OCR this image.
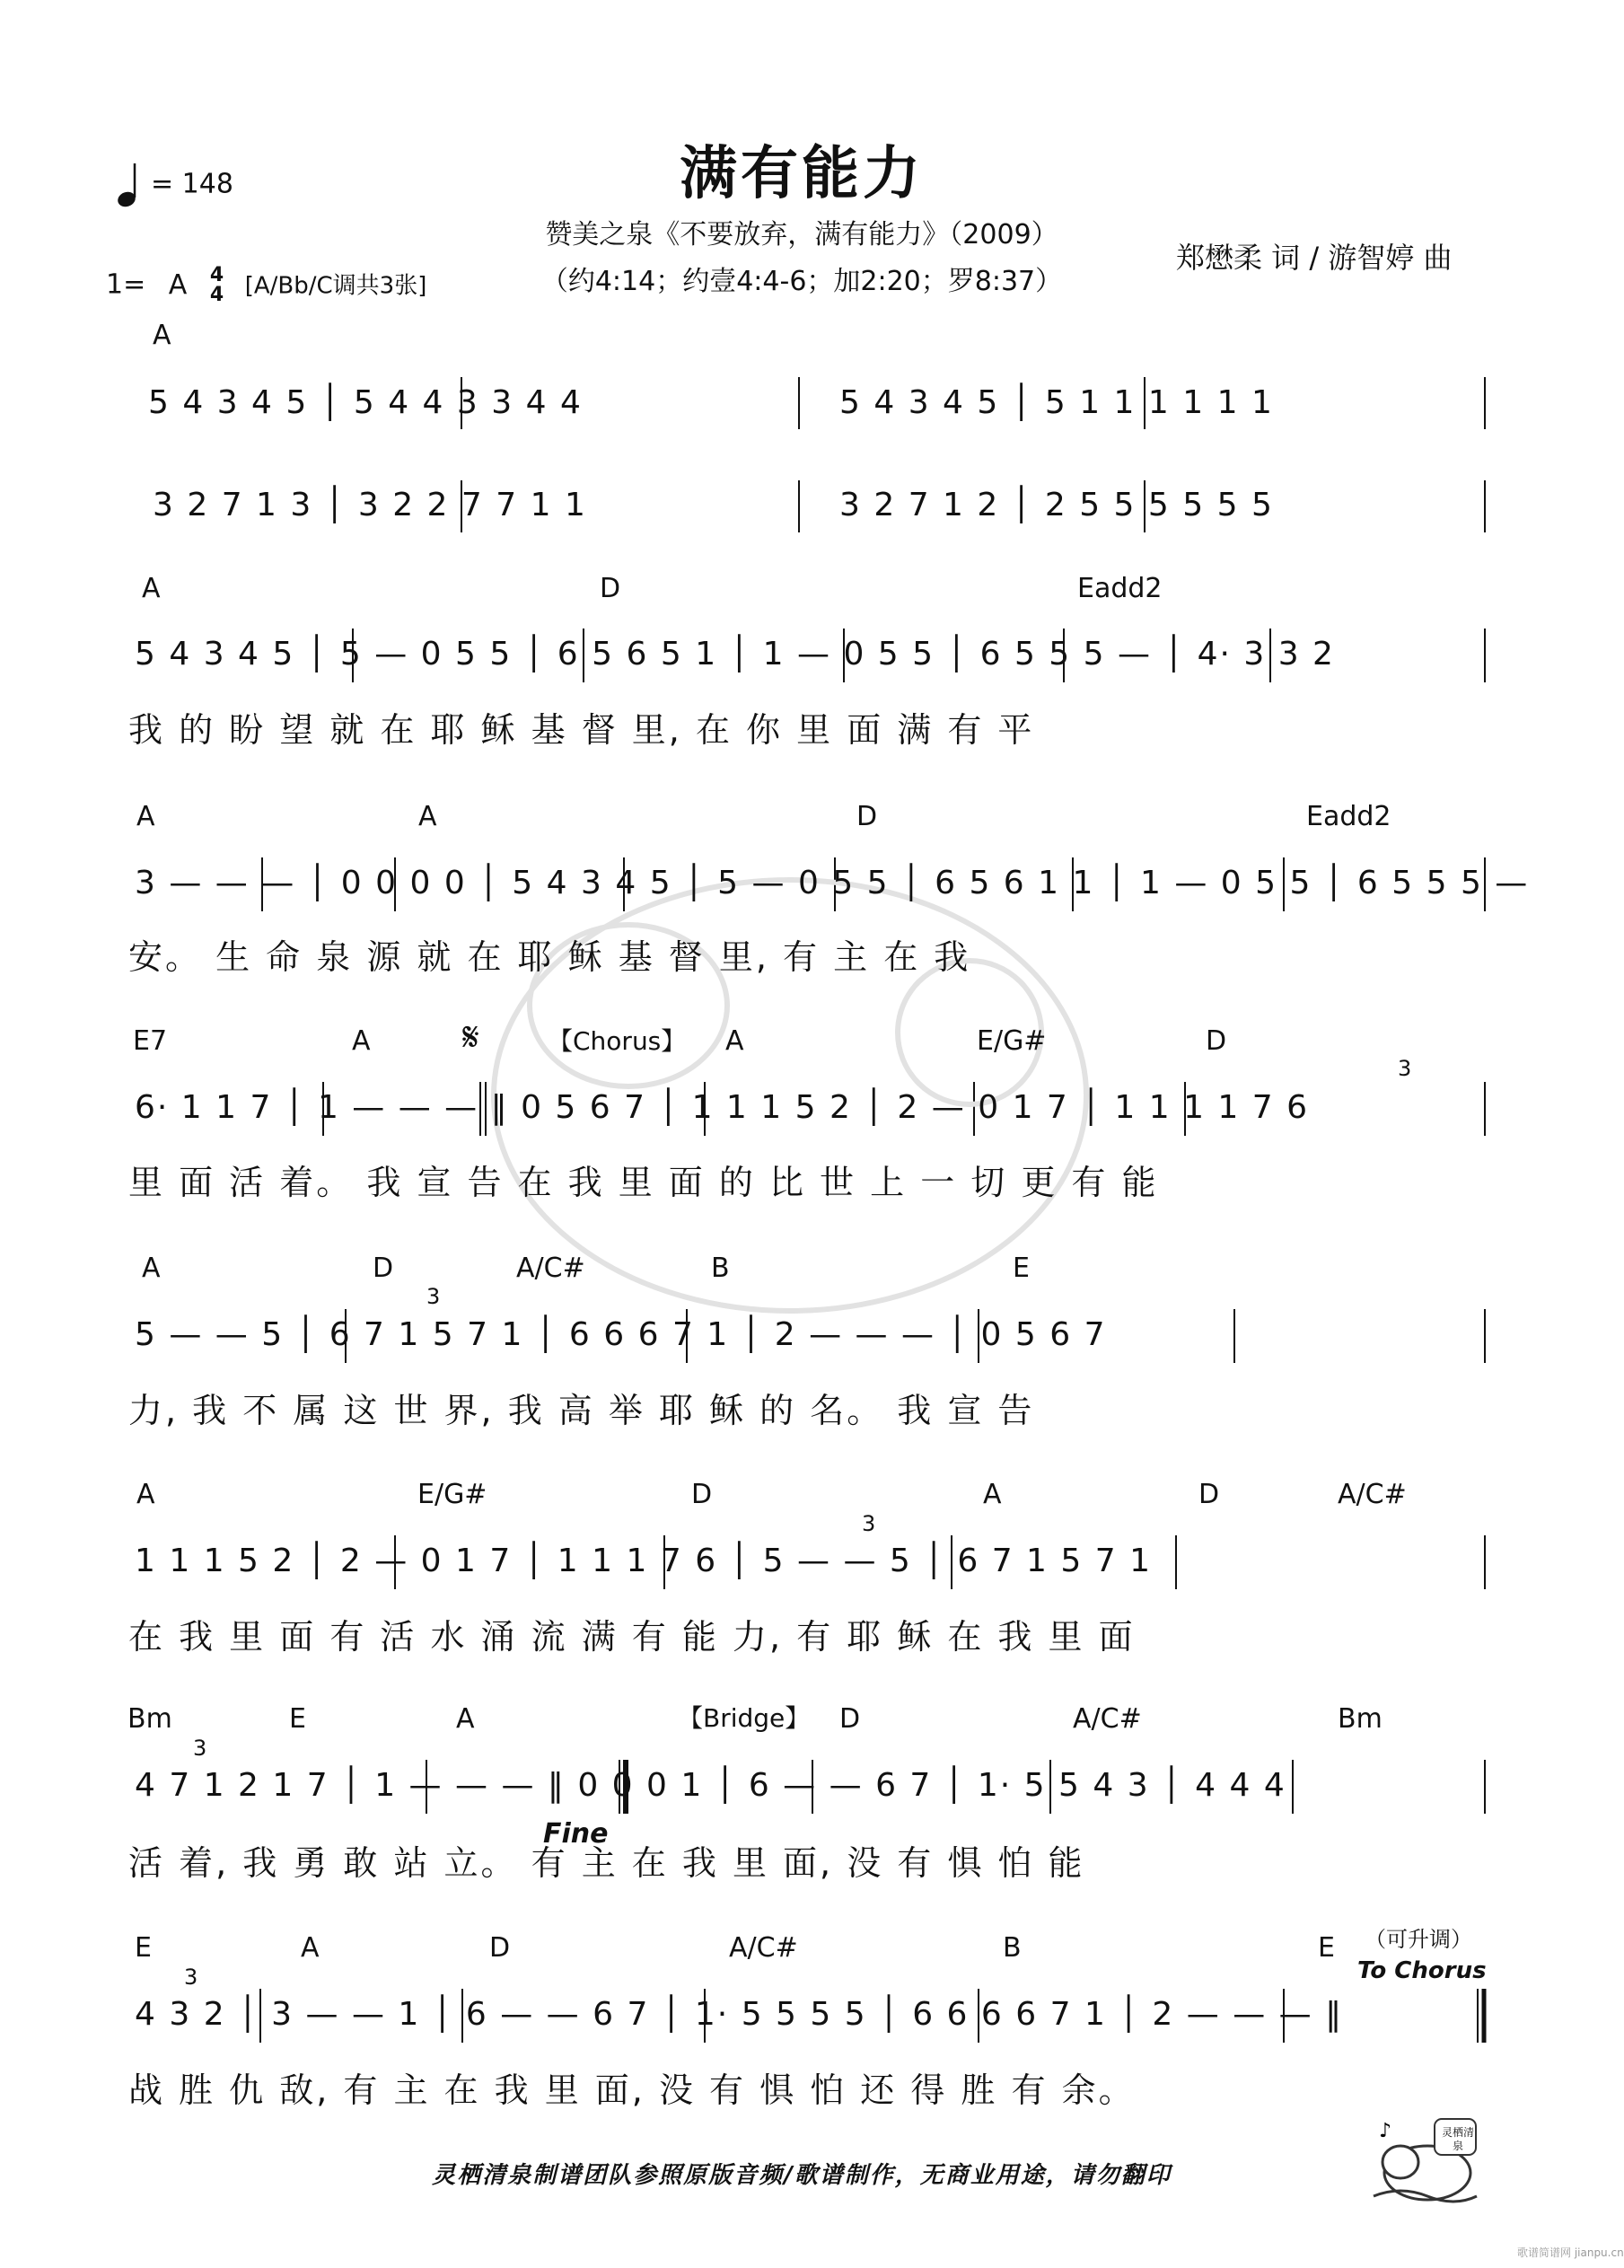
满有能力
赞美之泉《不要放弃，满有能力》（2009）
（约4:14；约壹4:4-6；加2:20；罗8:37）
= 148
1= A 4
4 [A/Bb/C调共3张]
郑懋柔 词 / 游智婷 曲
A
5 4 3 4 5 │ 5 4 4 3 3 4 4	5 4 3 4 5 │ 5 1 1 1 1 1 1
3 2 7 1 3 │ 3 2 2 7 7 1 1	3 2 7 1 2 │ 2 5 5 5 5 5 5
A	D	Eadd2
5 4 3 4 5 │ 5 — 0 5 5 │ 6 5 6 5 1 │ 1 — 0 5 5 │ 6 5 5 5 — │ 4· 3 3 2
我 的 盼 望 就 在 耶 稣 基 督 里, 在 你 里 面 满 有 平
A	A	D	Eadd2
3 — — — │ 0 0 0 0 │ 5 4 3 4 5 │ 5 — 0 5 5 │ 6 5 6 1 1 │ 1 — 0 5 5 │ 6 5 5 5 —
安。 生 命 泉 源 就 在 耶 稣 基 督 里, 有 主 在 我
E7	A 𝄋	【Chorus】 A	E/G#	D
3
6· 1 1 7 │ 1 — — — ‖ 0 5 6 7 │ 1 1 1 5 2 │ 2 — 0 1 7 │ 1 1 1 1 7 6
里 面 活 着。 我 宣 告 在 我 里 面 的 比 世 上 一 切 更 有 能
A	D	A/C#	B	E
3
5 — — 5 │ 6 7 1 5 7 1 │ 6 6 6 7 1 │ 2 — — — │ 0 5 6 7
力, 我 不 属 这 世 界, 我 高 举 耶 稣 的 名。 我 宣 告
A	E/G#	D	A	D	A/C#
3
1 1 1 5 2 │ 2 — 0 1 7 │ 1 1 1 7 6 │ 5 — — 5 │ 6 7 1 5 7 1
在 我 里 面 有 活 水 涌 流 满 有 能 力, 有 耶 稣 在 我 里 面
Bm	E	A	【Bridge】 D	A/C#	Bm
3
4 7 1 2 1 7 │ 1 — — — ‖ 0 0 0 1 │ 6 — — 6 7 │ 1· 5 5 4 3 │ 4 4 4
Fine
活 着, 我 勇 敢 站 立。 有 主 在 我 里 面, 没 有 惧 怕 能
E	A	D	A/C#	B	E （可升调）
To Chorus
3
4 3 2 │ 3 — — 1 │ 6 — — 6 7 │ 1· 5 5 5 5 │ 6 6 6 6 7 1 │ 2 — — — ‖
战 胜 仇 敌, 有 主 在 我 里 面, 没 有 惧 怕 还 得 胜 有 余。
灵栖清泉制谱团队参照原版音频/歌谱制作，无商业用途，请勿翻印
♪	灵栖清泉
歌谱简谱网 jianpu.cn
